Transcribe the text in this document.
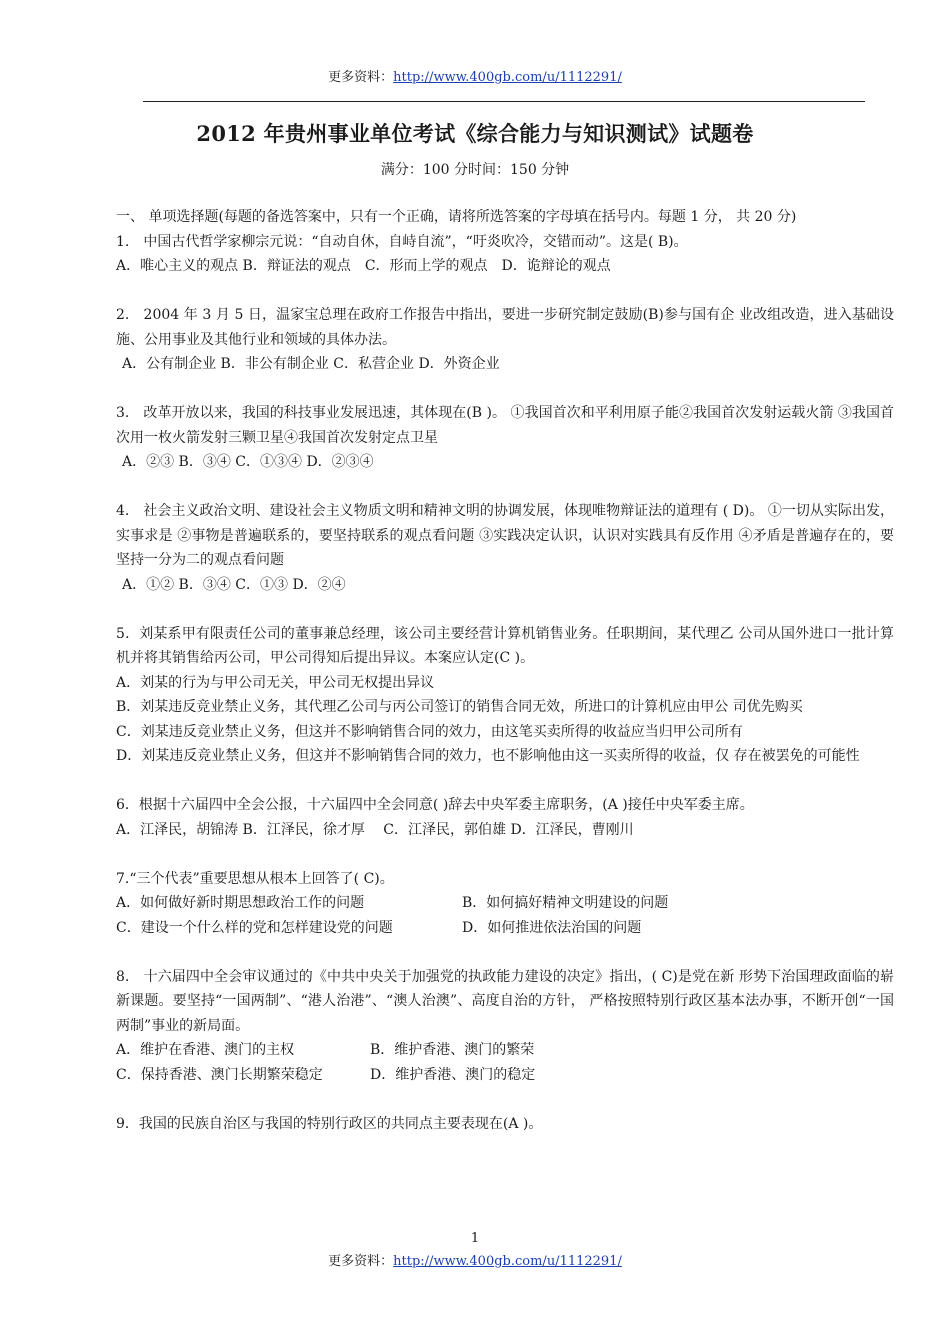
更多资料：http://www.400gb.com/u/1112291/
2012 年贵州事业单位考试《综合能力与知识测试》试题卷
满分：100 分时间：150 分钟

一、 单项选择题(每题的备选答案中，只有一个正确，请将所选答案的字母填在括号内。每题 1 分， 共 20 分)

1.　中国古代哲学家柳宗元说：“自动自休，自峙自流”，“吁炎吹冷，交错而动”。这是( B)。

A．唯心主义的观点 B．辩证法的观点　C．形而上学的观点　D．诡辩论的观点

2.　2004 年 3 月 5 日，温家宝总理在政府工作报告中指出，要进一步研究制定鼓励(B)参与国有企 业改组改造，进入基础设施、公用事业及其他行业和领域的具体办法。

A．公有制企业 B．非公有制企业 C．私营企业 D．外资企业

3.　改革开放以来，我国的科技事业发展迅速，其体现在(B )。 ①我国首次和平利用原子能②我国首次发射运载火箭 ③我国首次用一枚火箭发射三颗卫星④我国首次发射定点卫星

A．②③ B．③④ C．①③④ D．②③④

4.　社会主义政治文明、建设社会主义物质文明和精神文明的协调发展，体现唯物辩证法的道理有 ( D)。 ①一切从实际出发，实事求是 ②事物是普遍联系的，要坚持联系的观点看问题 ③实践决定认识，认识对实践具有反作用 ④矛盾是普遍存在的，要坚持一分为二的观点看问题

A．①② B．③④ C．①③ D．②④

5．刘某系甲有限责任公司的董事兼总经理，该公司主要经营计算机销售业务。任职期间，某代理乙 公司从国外进口一批计算机并将其销售给丙公司，甲公司得知后提出异议。本案应认定(C )。

A．刘某的行为与甲公司无关，甲公司无权提出异议

B．刘某违反竞业禁止义务，其代理乙公司与丙公司签订的销售合同无效，所进口的计算机应由甲公 司优先购买

C．刘某违反竞业禁止义务，但这并不影响销售合同的效力，由这笔买卖所得的收益应当归甲公司所有

D．刘某违反竞业禁止义务，但这并不影响销售合同的效力，也不影响他由这一买卖所得的收益，仅 存在被罢免的可能性

6．根据十六届四中全会公报，十六届四中全会同意( )辞去中央军委主席职务，(A )接任中央军委主席。

A．江泽民，胡锦涛 B．江泽民，徐才厚　 C．江泽民，郭伯雄 D．江泽民，曹刚川

7.“三个代表”重要思想从根本上回答了( C)。

A．如何做好新时期思想政治工作的问题	B．如何搞好精神文明建设的问题

C．建设一个什么样的党和怎样建设党的问题	D．如何推进依法治国的问题

8.　十六届四中全会审议通过的《中共中央关于加强党的执政能力建设的决定》指出，( C)是党在新 形势下治国理政面临的崭新课题。要坚持“一国两制”、“港人治港”、“澳人治澳”、高度自治的方针， 严格按照特别行政区基本法办事，不断开创“一国两制”事业的新局面。

A．维护在香港、澳门的主权	B．维护香港、澳门的繁荣

C．保持香港、澳门长期繁荣稳定	D．维护香港、澳门的稳定

9．我国的民族自治区与我国的特别行政区的共同点主要表现在(A )。

1
更多资料：http://www.400gb.com/u/1112291/
